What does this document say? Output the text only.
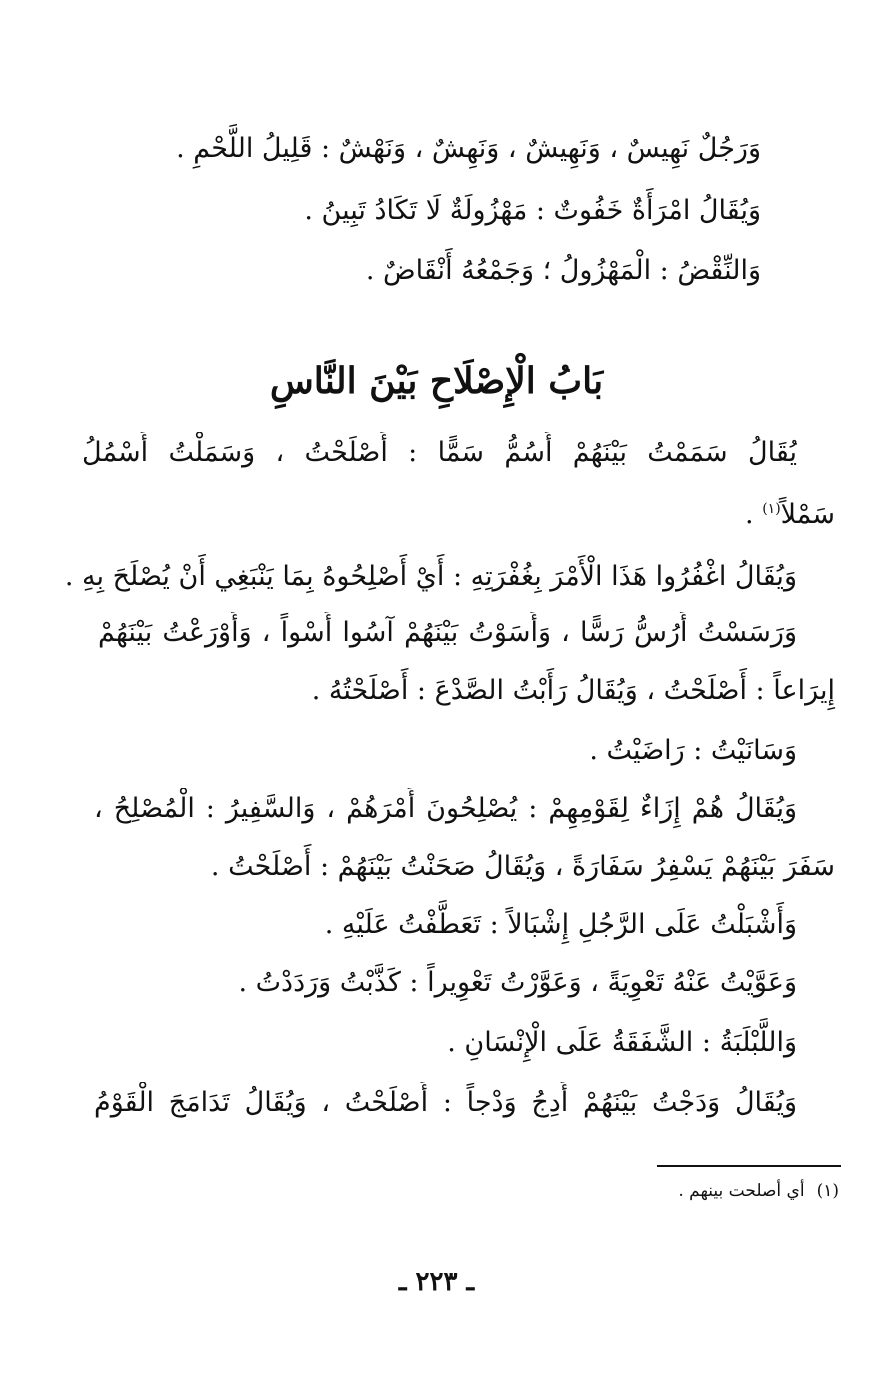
وَرَجُلٌ نَهِيسٌ ، وَنَهِيشٌ ، وَنَهِشٌ ، وَنَهْشٌ : قَلِيلُ اللَّحْمِ .
وَيُقَالُ امْرَأَةٌ خَفُوتٌ : مَهْزُولَةٌ لَا تَكَادُ تَبِينُ .
وَالنِّقْضُ : الْمَهْزُولُ ؛ وَجَمْعُهُ أَنْقَاضٌ .
بَابُ الْإِصْلَاحِ بَيْنَ النَّاسِ
يُقَالُ سَمَمْتُ بَيْنَهُمْ أَسُمُّ سَمًّا : أَصْلَحْتُ ، وَسَمَلْتُ أَسْمُلُ
سَمْلاً$^{(١)}$ .
وَيُقَالُ اغْفُرُوا هَذَا الْأَمْرَ بِغُفْرَتِهِ : أَيْ أَصْلِحُوهُ بِمَا يَنْبَغِي أَنْ يُصْلَحَ بِهِ .
وَرَسَسْتُ أَرُسُّ رَسًّا ، وَأَسَوْتُ بَيْنَهُمْ آسُوا أَسْواً ، وَأَوْرَعْتُ بَيْنَهُمْ
إِيرَاعاً : أَصْلَحْتُ ، وَيُقَالُ رَأَبْتُ الصَّدْعَ : أَصْلَحْتُهُ .
وَسَانَيْتُ : رَاضَيْتُ .
وَيُقَالُ هُمْ إِزَاءٌ لِقَوْمِهِمْ : يُصْلِحُونَ أَمْرَهُمْ ، وَالسَّفِيرُ : الْمُصْلِحُ ،
سَفَرَ بَيْنَهُمْ يَسْفِرُ سَفَارَةً ، وَيُقَالُ صَحَنْتُ بَيْنَهُمْ : أَصْلَحْتُ .
وَأَشْبَلْتُ عَلَى الرَّجُلِ إِشْبَالاً : تَعَطَّفْتُ عَلَيْهِ .
وَعَوَّيْتُ عَنْهُ تَعْوِيَةً ، وَعَوَّرْتُ تَعْوِيراً : كَذَّبْتُ وَرَدَدْتُ .
وَاللَّبْلَبَةُ : الشَّفَقَةُ عَلَى الْإِنْسَانِ .
وَيُقَالُ وَدَجْتُ بَيْنَهُمْ أَدِجُ وَدْجاً : أَصْلَحْتُ ، وَيُقَالُ تَدَامَجَ الْقَوْمُ
(١)أي أصلحت بينهم .
ـ ٢٢٣ ـ
